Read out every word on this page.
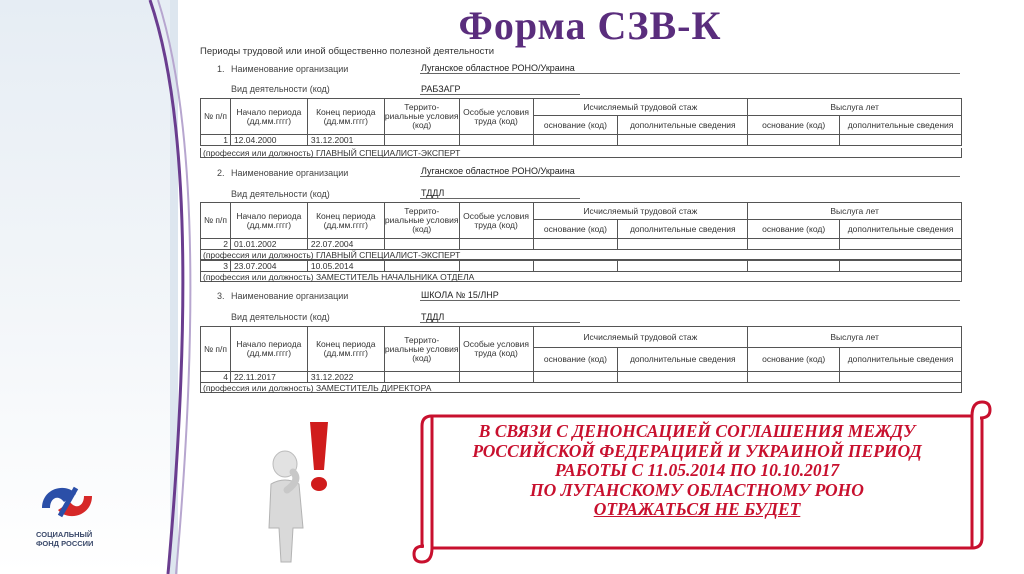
Форма СЗВ-К
Периоды трудовой или иной общественно полезной деятельности
1. Наименование организации	Луганское областное РОНО/Украина
Вид деятельности (код)	РАБЗАГР
№ п/п	Начало периода (дд.мм.гггг)	Конец периода (дд.мм.гггг)	Террито-риальные условия (код)	Особые условия труда (код)	Исчисляемый трудовой стаж		Выслуга лет	
					основание (код)	дополнительные сведения	основание (код)	дополнительные сведения
1	12.04.2000	31.12.2001						
(профессия или должность) ГЛАВНЫЙ СПЕЦИАЛИСТ-ЭКСПЕРТ
2. Наименование организации	Луганское областное РОНО/Украина
Вид деятельности (код)	ТДДЛ
№ п/п	Начало периода (дд.мм.гггг)	Конец периода (дд.мм.гггг)	Террито-риальные условия (код)	Особые условия труда (код)	Исчисляемый трудовой стаж		Выслуга лет	
					основание (код)	дополнительные сведения	основание (код)	дополнительные сведения
2	01.01.2002	22.07.2004						
(профессия или должность) ГЛАВНЫЙ СПЕЦИАЛИСТ-ЭКСПЕРТ
3	23.07.2004	10.05.2014						
(профессия или должность) ЗАМЕСТИТЕЛЬ НАЧАЛЬНИКА ОТДЕЛА
3. Наименование организации	ШКОЛА № 15/ЛНР
Вид деятельности (код)	ТДДЛ
№ п/п	Начало периода (дд.мм.гггг)	Конец периода (дд.мм.гггг)	Террито-риальные условия (код)	Особые условия труда (код)	Исчисляемый трудовой стаж		Выслуга лет	
					основание (код)	дополнительные сведения	основание (код)	дополнительные сведения
4	22.11.2017	31.12.2022						
(профессия или должность) ЗАМЕСТИТЕЛЬ ДИРЕКТОРА
СОЦИАЛЬНЫЙ
ФОНД РОССИИ
В СВЯЗИ С ДЕНОНСАЦИЕЙ СОГЛАШЕНИЯ МЕЖДУ
РОССИЙСКОЙ ФЕДЕРАЦИЕЙ И УКРАИНОЙ ПЕРИОД
РАБОТЫ С 11.05.2014 ПО 10.10.2017
ПО ЛУГАНСКОМУ ОБЛАСТНОМУ РОНО
ОТРАЖАТЬСЯ НЕ БУДЕТ
